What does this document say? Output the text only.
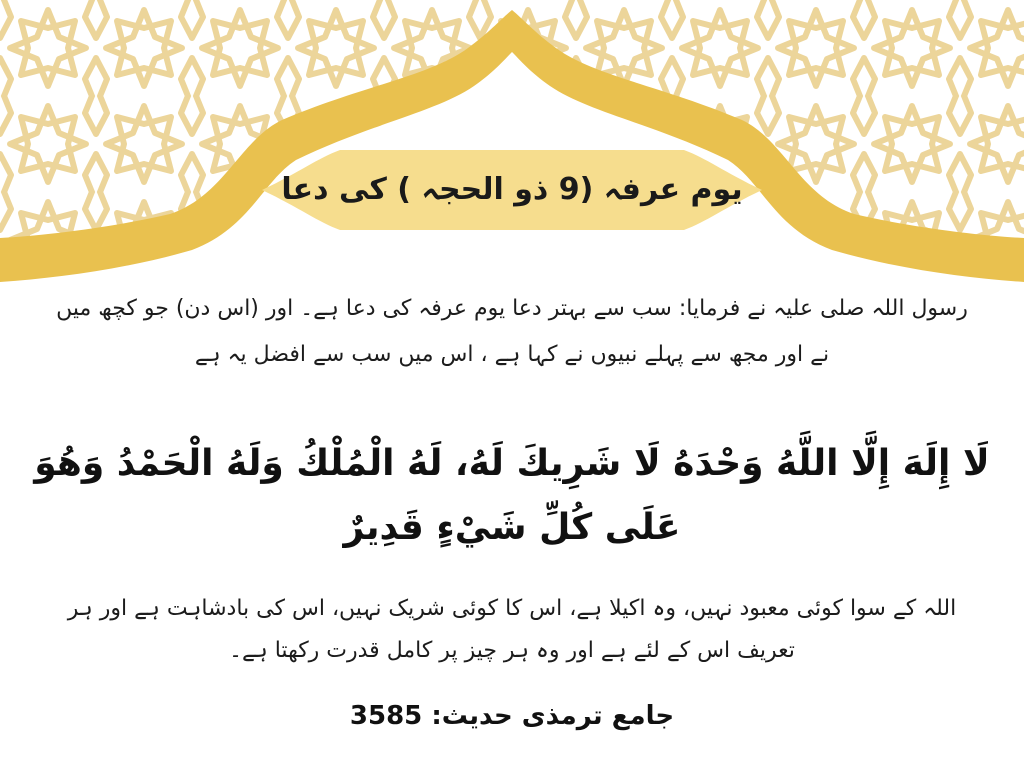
یوم عرفہ (9 ذو الحجہ ) کی دعا
رسول اللہ صلی علیہ نے فرمایا: سب سے بہتر دعا یوم عرفہ کی دعا ہے۔ اور (اس دن) جو کچھ میں نے اور مجھ سے پہلے نبیوں نے کہا ہے ، اس میں سب سے افضل یہ ہے
لَا إِلَهَ إِلَّا اللَّهُ وَحْدَهُ لَا شَرِيكَ لَهُ، لَهُ الْمُلْكُ وَلَهُ الْحَمْدُ وَهُوَ عَلَى كُلِّ شَيْءٍ قَدِيرٌ
اللہ کے سوا کوئی معبود نہیں، وہ اکیلا ہے، اس کا کوئی شریک نہیں، اس کی بادشاہت ہے اور ہر تعریف اس کے لئے ہے اور وہ ہر چیز پر کامل قدرت رکھتا ہے۔
جامع ترمذی حدیث: 3585
